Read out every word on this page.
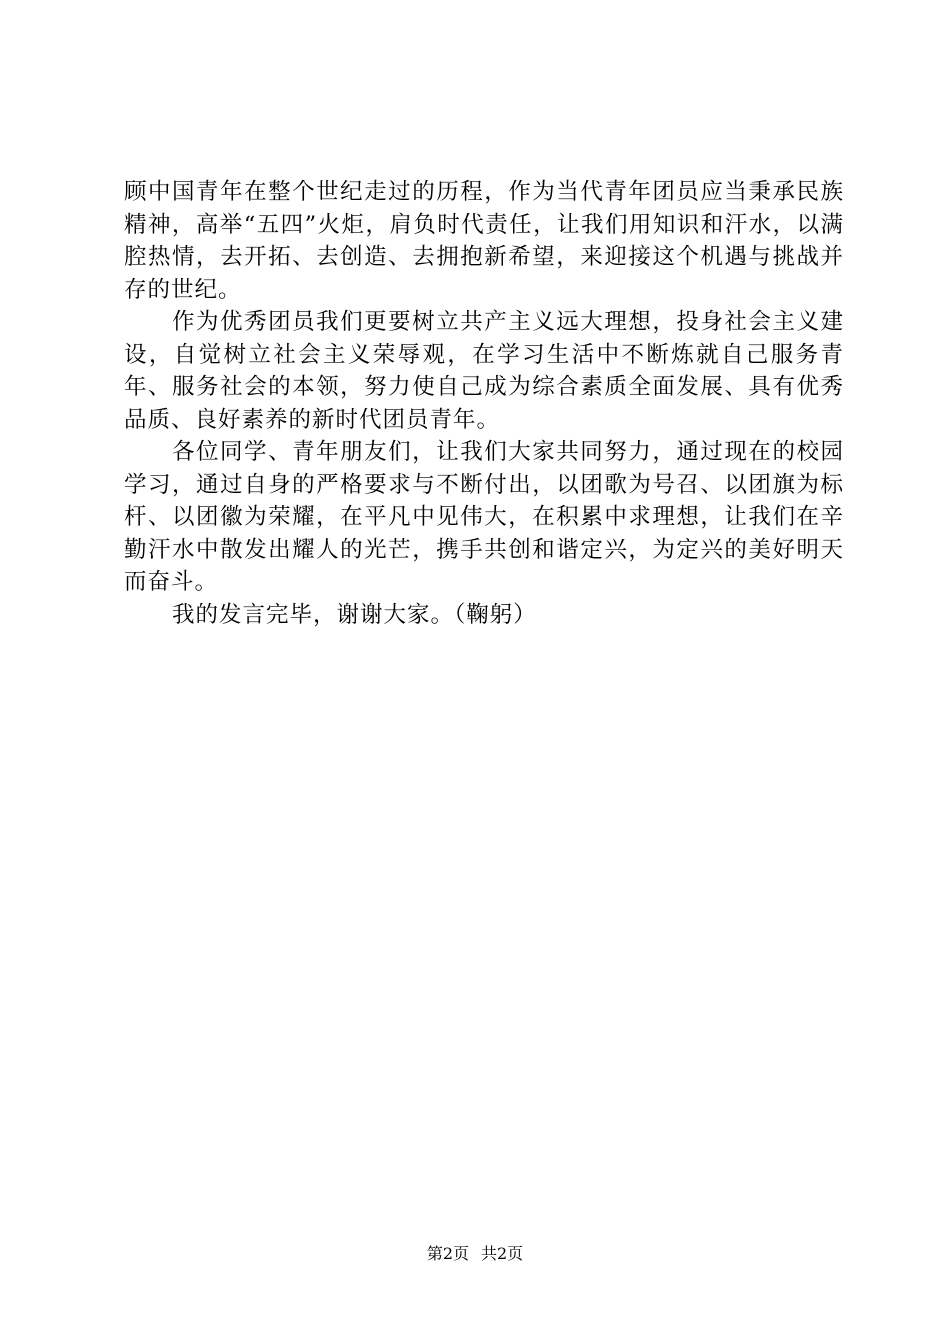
顾中国青年在整个世纪走过的历程，作为当代青年团员应当秉承民族精神，高举“五四”火炬，肩负时代责任，让我们用知识和汗水，以满腔热情，去开拓、去创造、去拥抱新希望，来迎接这个机遇与挑战并存的世纪。

作为优秀团员我们更要树立共产主义远大理想，投身社会主义建设，自觉树立社会主义荣辱观，在学习生活中不断炼就自己服务青年、服务社会的本领，努力使自己成为综合素质全面发展、具有优秀品质、良好素养的新时代团员青年。

各位同学、青年朋友们，让我们大家共同努力，通过现在的校园学习，通过自身的严格要求与不断付出，以团歌为号召、以团旗为标杆、以团徽为荣耀，在平凡中见伟大，在积累中求理想，让我们在辛勤汗水中散发出耀人的光芒，携手共创和谐定兴，为定兴的美好明天而奋斗。

我的发言完毕，谢谢大家。（鞠躬）

第2页 共2页
